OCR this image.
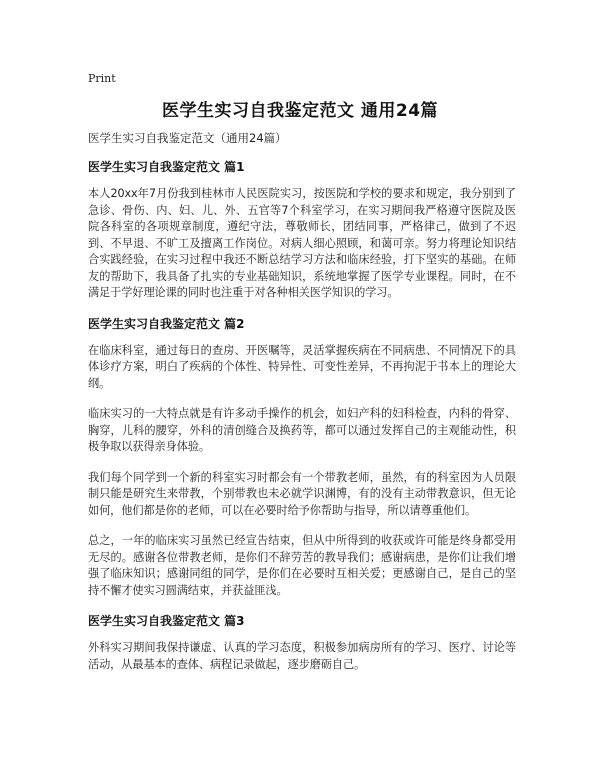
Print
医学生实习自我鉴定范文 通用24篇

医学生实习自我鉴定范文（通用24篇）

医学生实习自我鉴定范文 篇1

本人20xx年7月份我到桂林市人民医院实习，按医院和学校的要求和规定，我分别到了急诊、骨伤、内、妇、儿、外、五官等7个科室学习，在实习期间我严格遵守医院及医院各科室的各项规章制度，遵纪守法，尊敬师长，团结同事，严格律己，做到了不迟到、不早退、不旷工及擅离工作岗位。对病人细心照顾，和蔼可亲。努力将理论知识结合实践经验，在实习过程中我还不断总结学习方法和临床经验，打下坚实的基础。在师友的帮助下，我具备了扎实的专业基础知识，系统地掌握了医学专业课程。同时，在不满足于学好理论课的同时也注重于对各种相关医学知识的学习。

医学生实习自我鉴定范文 篇2

在临床科室，通过每日的查房、开医嘱等，灵活掌握疾病在不同病患、不同情况下的具体诊疗方案，明白了疾病的个体性、特异性、可变性差异，不再拘泥于书本上的理论大纲。

临床实习的一大特点就是有许多动手操作的机会，如妇产科的妇科检查，内科的骨穿、胸穿，儿科的腰穿，外科的清创缝合及换药等，都可以通过发挥自己的主观能动性，积极争取以获得亲身体验。

我们每个同学到一个新的科室实习时都会有一个带教老师，虽然，有的科室因为人员限制只能是研究生来带教，个别带教也未必就学识渊博，有的没有主动带教意识，但无论如何，他们都是你的老师，可以在必要时给予你帮助与指导，所以请尊重他们。

总之，一年的临床实习虽然已经宣告结束，但从中所得到的收获或许可能是终身都受用无尽的。感谢各位带教老师，是你们不辞劳苦的教导我们；感谢病患，是你们让我们增强了临床知识；感谢同组的同学，是你们在必要时互相关爱；更感谢自己，是自己的坚持不懈才使实习圆满结束，并获益匪浅。

医学生实习自我鉴定范文 篇3

外科实习期间我保持谦虚、认真的学习态度，积极参加病房所有的学习、医疗、讨论等活动，从最基本的查体、病程记录做起，逐步磨砺自己。
